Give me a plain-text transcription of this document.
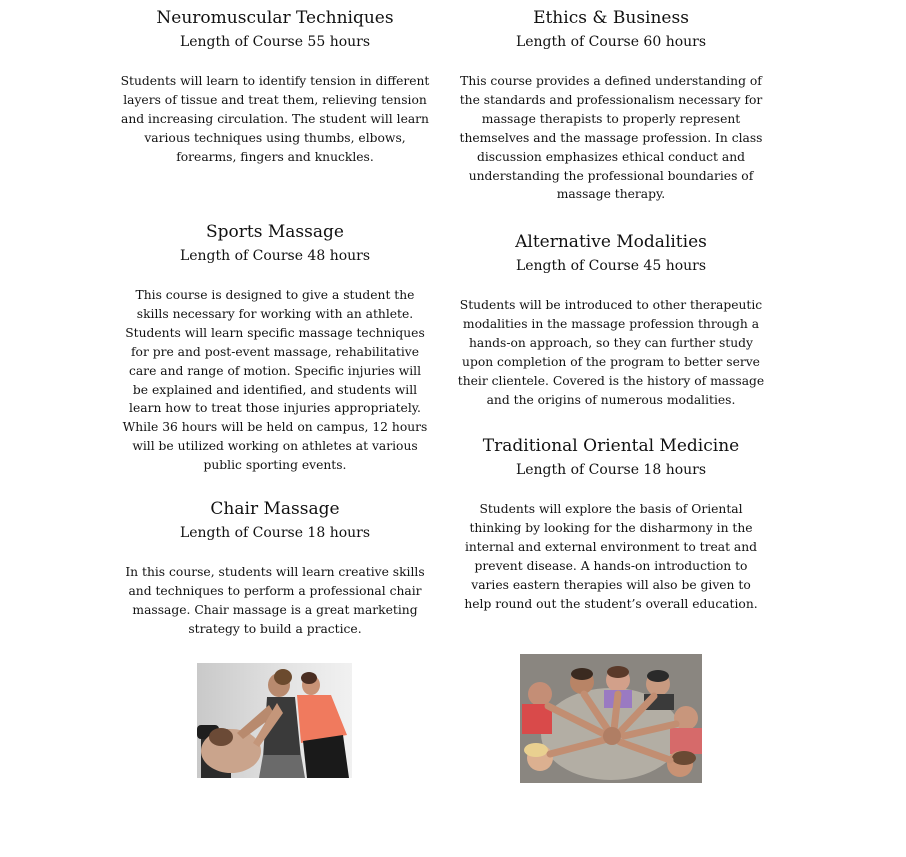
Neuromuscular Techniques

Length of Course 55 hours

Students will learn to identify tension in different layers of tissue and treat them, relieving tension and increasing circulation. The student will learn various techniques using thumbs, elbows, forearms, fingers and knuckles.

Sports Massage

Length of Course 48 hours

This course is designed to give a student the skills necessary for working with an athlete. Students will learn specific massage techniques for pre and post-event massage, rehabilitative care and range of motion. Specific injuries will be explained and identified, and students will learn how to treat those injuries appropriately. While 36 hours will be held on campus, 12 hours will be utilized working on athletes at various public sporting events.

Chair Massage

Length of Course 18 hours

In this course, students will learn creative skills and techniques to perform a professional chair massage. Chair massage is a great marketing strategy to build a practice.

Ethics & Business

Length of Course 60 hours

This course provides a defined understanding of the standards and professionalism necessary for massage therapists to properly represent themselves and the massage profession. In class discussion emphasizes ethical conduct and understanding the professional boundaries of massage therapy.

Alternative Modalities

Length of Course 45 hours

Students will be introduced to other therapeutic modalities in the massage profession through a hands-on approach, so they can further study upon completion of the program to better serve their clientele. Covered is the history of massage and the origins of numerous modalities.

Traditional Oriental Medicine

Length of Course 18 hours

Students will explore the basis of Oriental thinking by looking for the disharmony in the internal and external environment to treat and prevent disease. A hands-on introduction to varies eastern therapies will also be given to help round out the student’s overall education.
